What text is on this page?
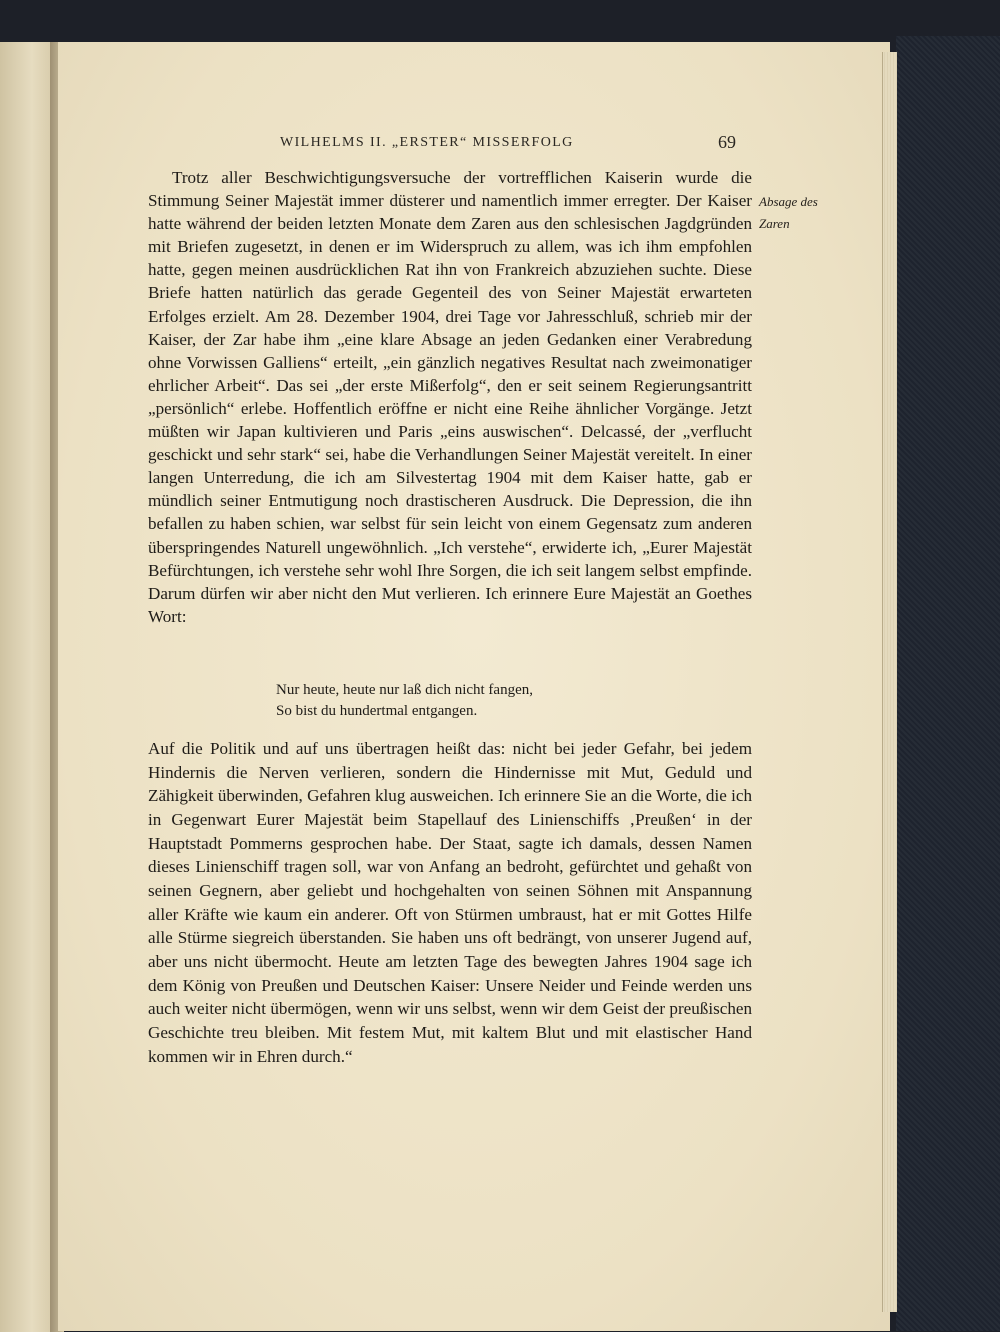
WILHELMS II. „ERSTER“ MISSERFOLG	69
Trotz aller Beschwichtigungsversuche der vortrefflichen Kaiserin wurde die Stimmung Seiner Majestät immer düsterer und namentlich immer erregter. Der Kaiser hatte während der beiden letzten Monate dem Zaren aus den schlesischen Jagdgründen mit Briefen zugesetzt, in denen er im Widerspruch zu allem, was ich ihm empfohlen hatte, gegen meinen ausdrücklichen Rat ihn von Frankreich abzuziehen suchte. Diese Briefe hatten natürlich das gerade Gegenteil des von Seiner Majestät erwarteten Erfolges erzielt. Am 28. Dezember 1904, drei Tage vor Jahresschluß, schrieb mir der Kaiser, der Zar habe ihm „eine klare Absage an jeden Gedanken einer Verabredung ohne Vorwissen Galliens“ erteilt, „ein gänzlich negatives Resultat nach zweimonatiger ehrlicher Arbeit“. Das sei „der erste Mißerfolg“, den er seit seinem Regierungsantritt „persönlich“ erlebe. Hoffentlich eröffne er nicht eine Reihe ähnlicher Vorgänge. Jetzt müßten wir Japan kultivieren und Paris „eins auswischen“. Delcassé, der „verflucht geschickt und sehr stark“ sei, habe die Verhandlungen Seiner Majestät vereitelt. In einer langen Unterredung, die ich am Silvestertag 1904 mit dem Kaiser hatte, gab er mündlich seiner Entmutigung noch drastischeren Ausdruck. Die Depression, die ihn befallen zu haben schien, war selbst für sein leicht von einem Gegensatz zum anderen überspringendes Naturell ungewöhnlich. „Ich verstehe“, erwiderte ich, „Eurer Majestät Befürchtungen, ich verstehe sehr wohl Ihre Sorgen, die ich seit langem selbst empfinde. Darum dürfen wir aber nicht den Mut verlieren. Ich erinnere Eure Majestät an Goethes Wort:
Nur heute, heute nur laß dich nicht fangen,
So bist du hundertmal entgangen.
Auf die Politik und auf uns übertragen heißt das: nicht bei jeder Gefahr, bei jedem Hindernis die Nerven verlieren, sondern die Hindernisse mit Mut, Geduld und Zähigkeit überwinden, Gefahren klug ausweichen. Ich erinnere Sie an die Worte, die ich in Gegenwart Eurer Majestät beim Stapellauf des Linienschiffs ‚Preußen‘ in der Hauptstadt Pommerns gesprochen habe. Der Staat, sagte ich damals, dessen Namen dieses Linienschiff tragen soll, war von Anfang an bedroht, gefürchtet und gehaßt von seinen Gegnern, aber geliebt und hochgehalten von seinen Söhnen mit Anspannung aller Kräfte wie kaum ein anderer. Oft von Stürmen umbraust, hat er mit Gottes Hilfe alle Stürme siegreich überstanden. Sie haben uns oft bedrängt, von unserer Jugend auf, aber uns nicht übermocht. Heute am letzten Tage des bewegten Jahres 1904 sage ich dem König von Preußen und Deutschen Kaiser: Unsere Neider und Feinde werden uns auch weiter nicht übermögen, wenn wir uns selbst, wenn wir dem Geist der preußischen Geschichte treu bleiben. Mit festem Mut, mit kaltem Blut und mit elastischer Hand kommen wir in Ehren durch.“
Absage des
Zaren
